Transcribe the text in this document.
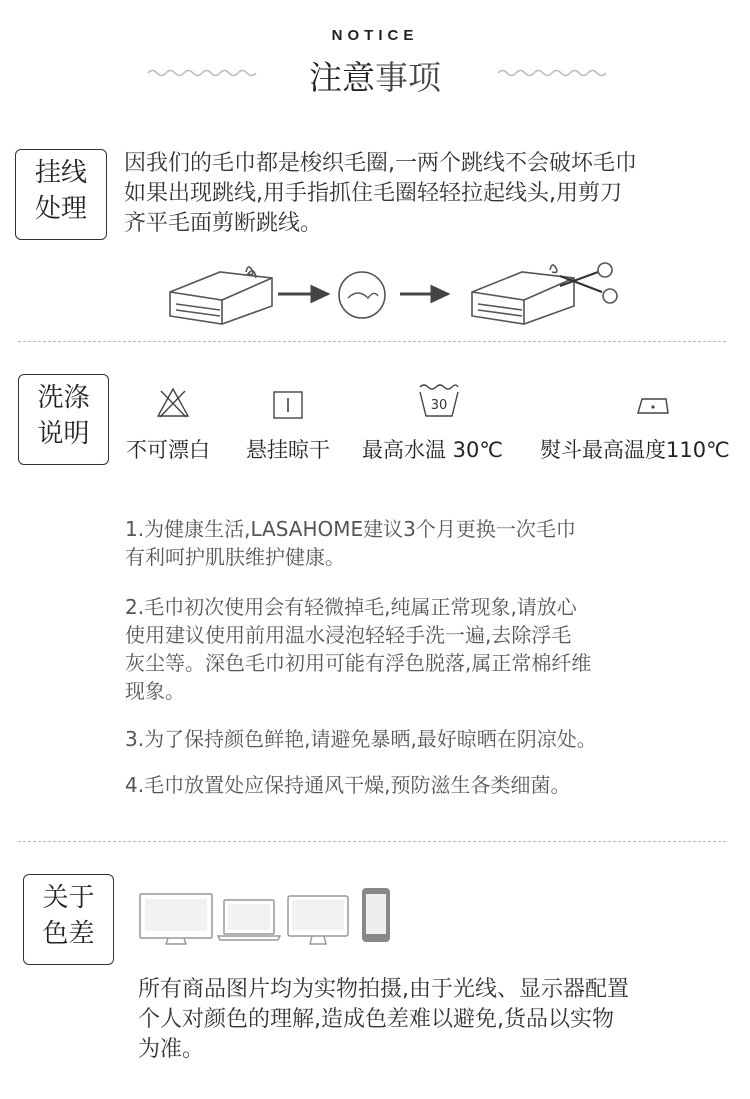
NOTICE
注意事项
挂线
处理
因我们的毛巾都是梭织毛圈,一两个跳线不会破坏毛巾
如果出现跳线,用手指抓住毛圈轻轻拉起线头,用剪刀
齐平毛面剪断跳线。
洗涤
说明
30
不可漂白 悬挂晾干 最高水温 30℃ 熨斗最高温度110℃
1.为健康生活,LASAHOME建议3个月更换一次毛巾
有利呵护肌肤维护健康。
2.毛巾初次使用会有轻微掉毛,纯属正常现象,请放心
使用建议使用前用温水浸泡轻轻手洗一遍,去除浮毛
灰尘等。深色毛巾初用可能有浮色脱落,属正常棉纤维
现象。
3.为了保持颜色鲜艳,请避免暴晒,最好晾晒在阴凉处。
4.毛巾放置处应保持通风干燥,预防滋生各类细菌。
关于
色差
所有商品图片均为实物拍摄,由于光线、显示器配置
个人对颜色的理解,造成色差难以避免,货品以实物
为准。
